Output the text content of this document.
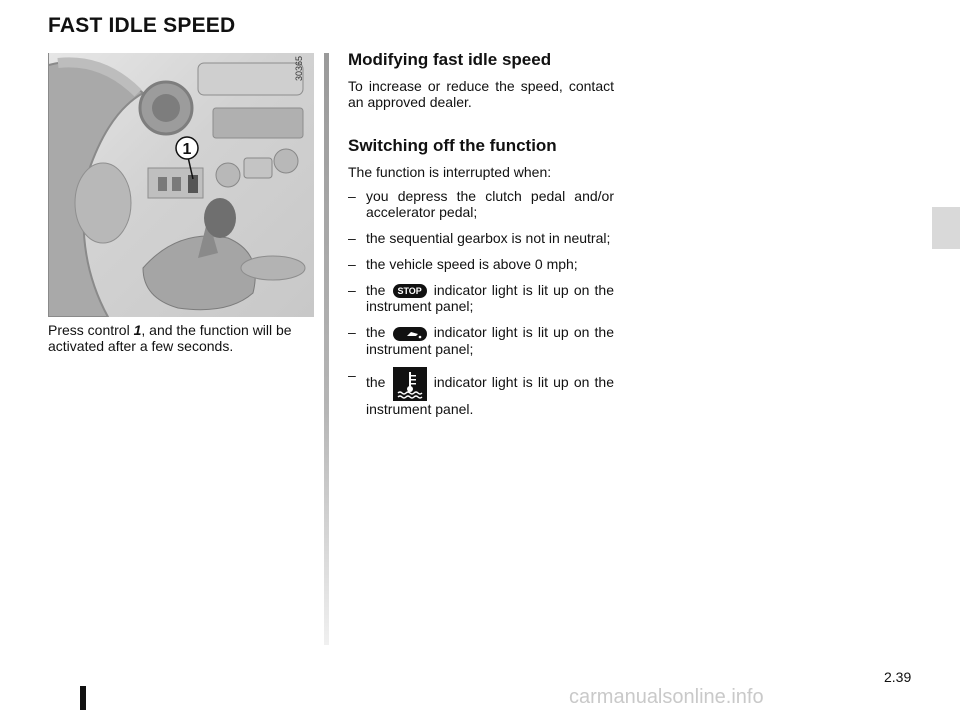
FAST IDLE SPEED
1
30365

Press control 1, and the function will be activated after a few seconds.

Modifying fast idle speed

To increase or reduce the speed, contact an approved dealer.

Switching off the function

The function is interrupted when:

– you depress the clutch pedal and/or accelerator pedal;
– the sequential gearbox is not in neutral;
– the vehicle speed is above 0 mph;
– the STOP indicator light is lit up on the instrument panel;
– the	indicator light is lit up on the instrument panel;
– the	indicator light is lit up on the instrument panel.
2.39
carmanualsonline.info
